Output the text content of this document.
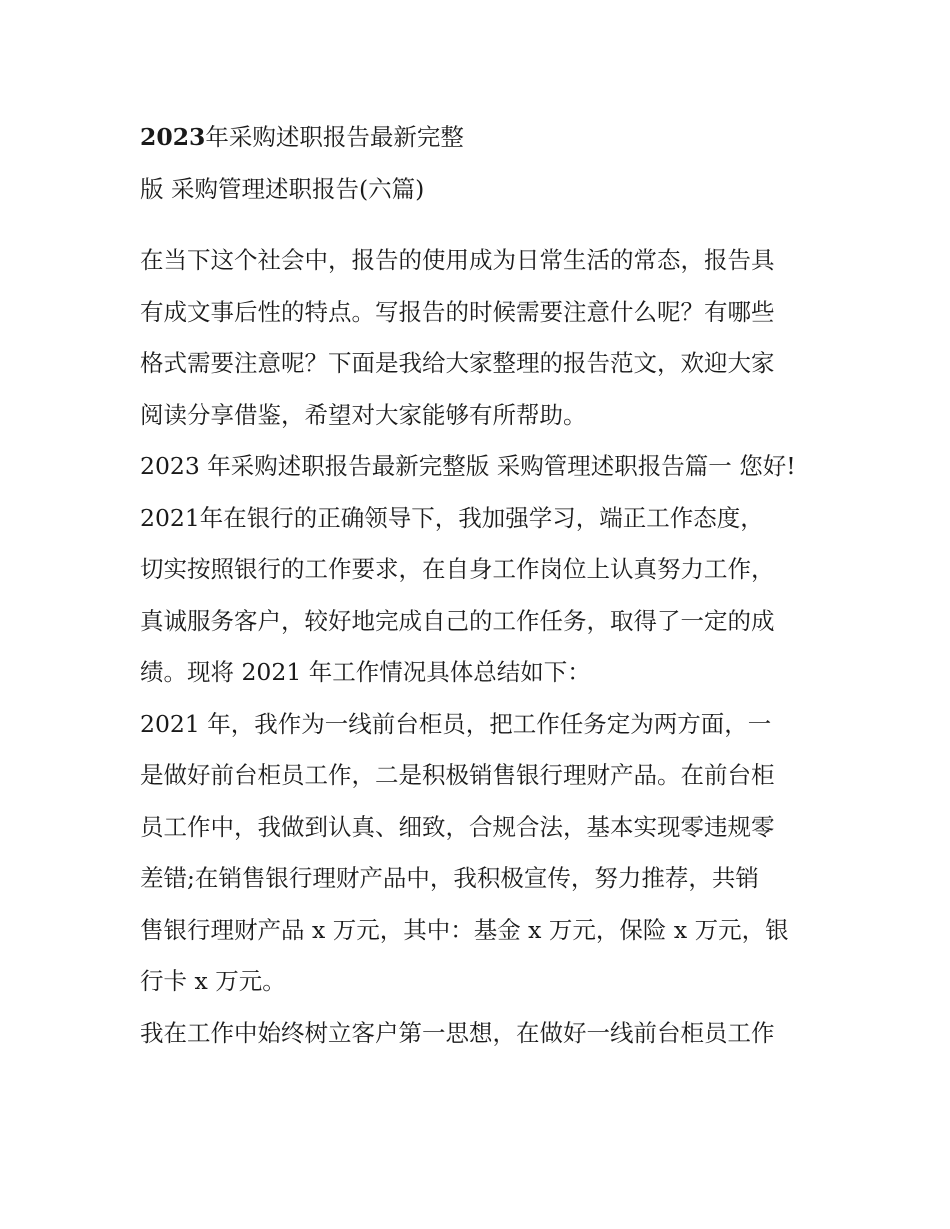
2023年采购述职报告最新完整
版 采购管理述职报告(六篇)
在当下这个社会中，报告的使用成为日常生活的常态，报告具
有成文事后性的特点。写报告的时候需要注意什么呢？有哪些
格式需要注意呢？下面是我给大家整理的报告范文，欢迎大家
阅读分享借鉴，希望对大家能够有所帮助。
2023 年采购述职报告最新完整版 采购管理述职报告篇一 您好!
2021年在银行的正确领导下，我加强学习，端正工作态度，
切实按照银行的工作要求，在自身工作岗位上认真努力工作，
真诚服务客户，较好地完成自己的工作任务，取得了一定的成
绩。现将 2021 年工作情况具体总结如下：
2021 年，我作为一线前台柜员，把工作任务定为两方面，一
是做好前台柜员工作，二是积极销售银行理财产品。在前台柜
员工作中，我做到认真、细致，合规合法，基本实现零违规零
差错;在销售银行理财产品中，我积极宣传，努力推荐，共销
售银行理财产品 x 万元，其中：基金 x 万元，保险 x 万元，银
行卡 x 万元。
我在工作中始终树立客户第一思想，在做好一线前台柜员工作
